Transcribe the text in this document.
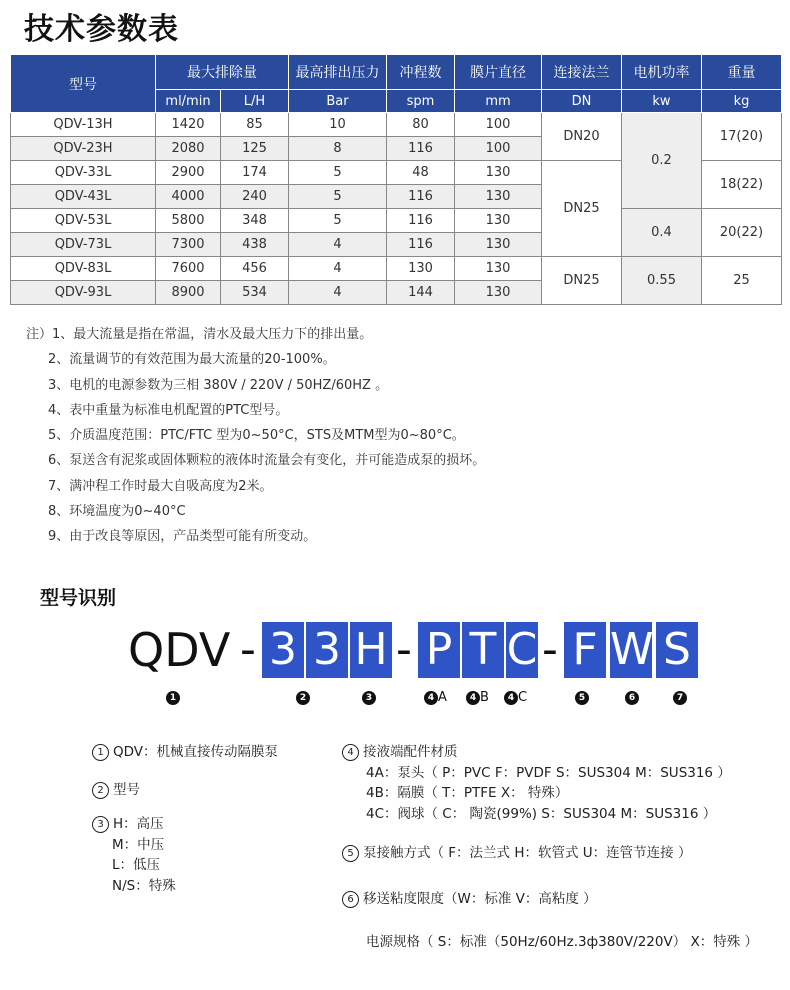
技术参数表
型号	最大排除量		最高排出压力	冲程数	膜片直径	连接法兰	电机功率	重量
	ml/min	L/H	Bar	spm	mm	DN	kw	kg
QDV-13H	1420	85	10	80	100	DN20	0.2	17(20)
QDV-23H	2080	125	8	116	100			
QDV-33L	2900	174	5	48	130	DN25		18(22)
QDV-43L	4000	240	5	116	130			
QDV-53L	5800	348	5	116	130		0.4	20(22)
QDV-73L	7300	438	4	116	130			
QDV-83L	7600	456	4	130	130	DN25	0.55	25
QDV-93L	8900	534	4	144	130			
注）1、最大流量是指在常温，清水及最大压力下的排出量。
2、流量调节的有效范围为最大流量的20-100%。
3、电机的电源参数为三相 380V / 220V / 50HZ/60HZ 。
4、表中重量为标准电机配置的PTC型号。
5、介质温度范围：PTC/FTC 型为0~50°C，STS及MTM型为0~80°C。
6、泵送含有泥浆或固体颗粒的液体时流量会有变化，并可能造成泵的损坏。
7、满冲程工作时最大自吸高度为2米。
8、环境温度为0~40°C
9、由于改良等原因，产品类型可能有所变动。
型号识别
QDV - 3 3 H - P T C - F W S
1	2	3	4 A	4 B	4 C	5	6	7
1 QDV：机械直接传动隔膜泵
2 型号
3 H：高压
M：中压
L：低压
N/S：特殊
4 接液端配件材质
4A：泵头（ P：PVC F：PVDF S：SUS304 M：SUS316 ）
4B：隔膜（ T：PTFE X： 特殊）
4C：阀球（ C： 陶瓷(99%) S：SUS304 M：SUS316 ）
5 泵接触方式（ F：法兰式 H：软管式 U：连管节连接 ）
6 移送粘度限度（W：标准 V：高粘度 ）
电源规格（ S：标准（50Hz/60Hz.3ф380V/220V） X：特殊 ）
